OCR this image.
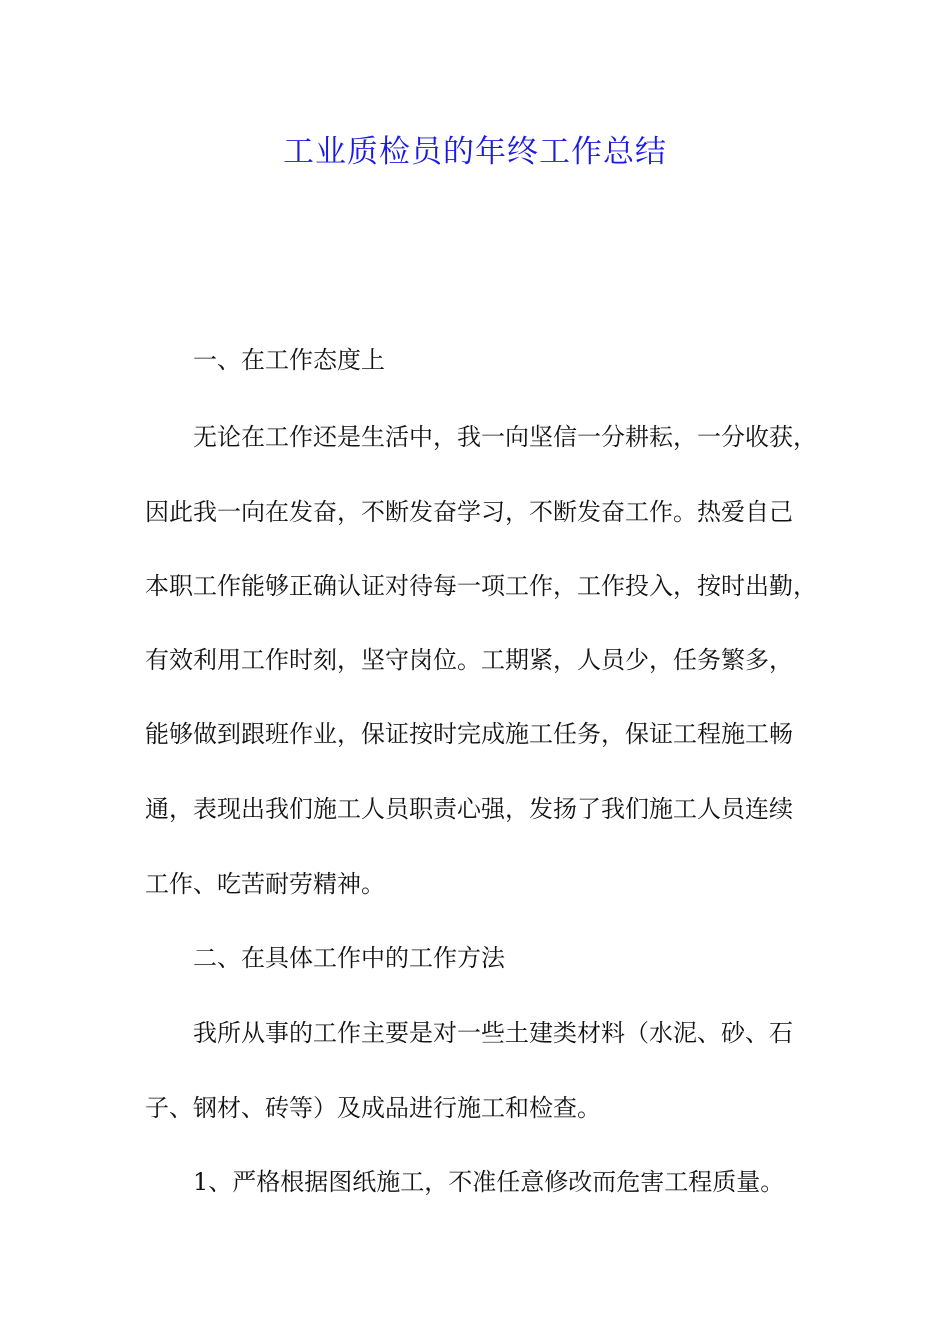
工业质检员的年终工作总结
一、在工作态度上
无论在工作还是生活中，我一向坚信一分耕耘，一分收获，
因此我一向在发奋，不断发奋学习，不断发奋工作。热爱自己
本职工作能够正确认证对待每一项工作，工作投入，按时出勤，
有效利用工作时刻，坚守岗位。工期紧，人员少，任务繁多，
能够做到跟班作业，保证按时完成施工任务，保证工程施工畅
通，表现出我们施工人员职责心强，发扬了我们施工人员连续
工作、吃苦耐劳精神。
二、在具体工作中的工作方法
我所从事的工作主要是对一些土建类材料（水泥、砂、石
子、钢材、砖等）及成品进行施工和检查。
1、严格根据图纸施工，不准任意修改而危害工程质量。
